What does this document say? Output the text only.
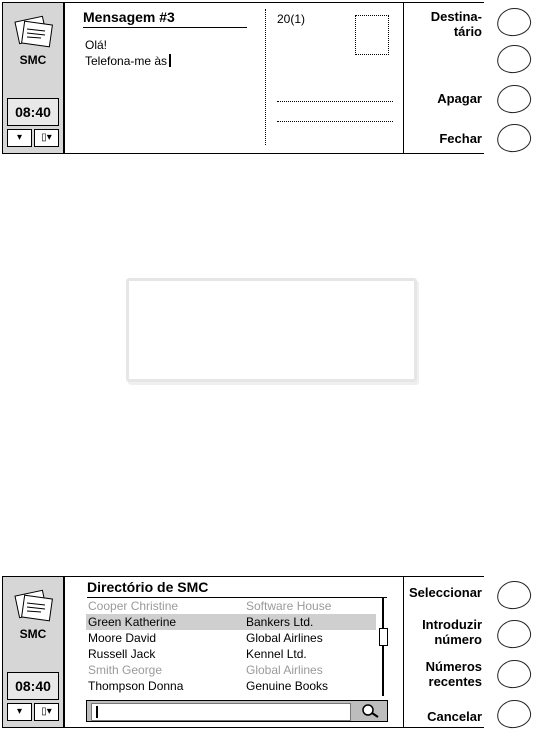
SMC
08:40
▾	▯▾
Mensagem #3
Olá!
Telefona-me às
20(1)	Destina-
tário
Apagar
Fechar
SMC
08:40
▾	▯▾
Directório de SMC	Seleccionar
Introduzir
número
Números
recentes
Cancelar
Cooper Christine	Software House
Green Katherine	Bankers Ltd.
Moore David	Global Airlines
Russell Jack	Kennel Ltd.
Smith George	Global Airlines
Thompson Donna	Genuine Books
